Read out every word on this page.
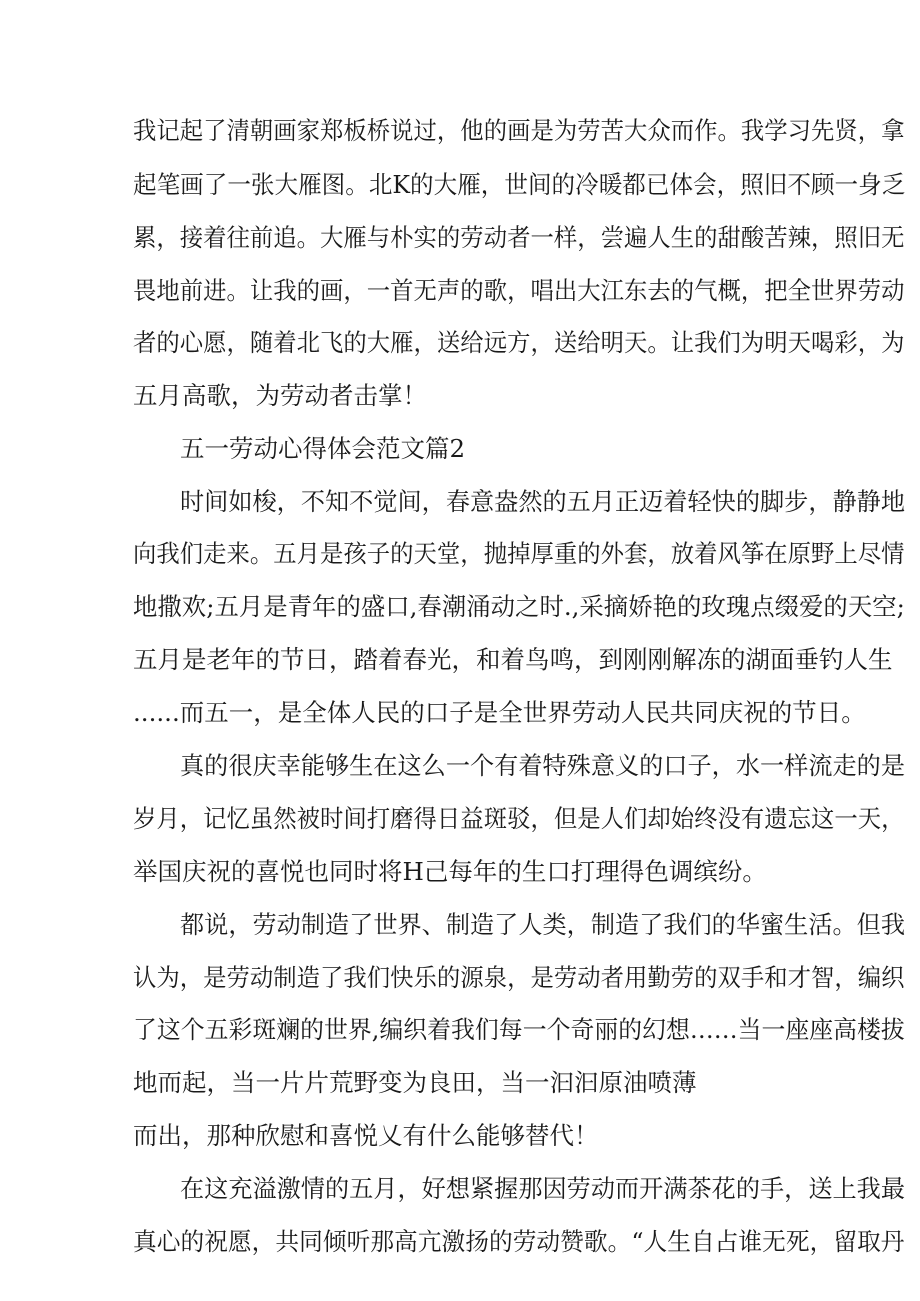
我记起了清朝画家郑板桥说过，他的画是为劳苦大众而作。我学习先贤，拿
起笔画了一张大雁图。北K的大雁，世间的冷暖都已体会，照旧不顾一身乏
累，接着往前追。大雁与朴实的劳动者一样，尝遍人生的甜酸苦辣，照旧无
畏地前进。让我的画，一首无声的歌，唱出大江东去的气概，把全世界劳动
者的心愿，随着北飞的大雁，送给远方，送给明天。让我们为明天喝彩，为
五月高歌，为劳动者击掌！
五一劳动心得体会范文篇2
时间如梭，不知不觉间，春意盎然的五月正迈着轻快的脚步，静静地
向我们走来。五月是孩子的天堂，抛掉厚重的外套，放着风筝在原野上尽情
地撒欢;五月是青年的盛口,春潮涌动之时.,采摘娇艳的玫瑰点缀爱的天空;
五月是老年的节日，踏着春光，和着鸟鸣，到刚刚解冻的湖面垂钓人生
......而五一，是全体人民的口子是全世界劳动人民共同庆祝的节日。
真的很庆幸能够生在这么一个有着特殊意义的口子，水一样流走的是
岁月，记忆虽然被时间打磨得日益斑驳，但是人们却始终没有遗忘这一天，
举国庆祝的喜悦也同时将H己每年的生口打理得色调缤纷。
都说，劳动制造了世界、制造了人类，制造了我们的华蜜生活。但我
认为，是劳动制造了我们快乐的源泉，是劳动者用勤劳的双手和才智，编织
了这个五彩斑斓的世界,编织着我们每一个奇丽的幻想……当一座座高楼拔
地而起，当一片片荒野变为良田，当一汩汩原油喷薄
而出，那种欣慰和喜悦乂有什么能够替代！
在这充溢激情的五月，好想紧握那因劳动而开满茶花的手，送上我最
真心的祝愿，共同倾听那高亢激扬的劳动赞歌。“人生自占谁无死，留取丹
